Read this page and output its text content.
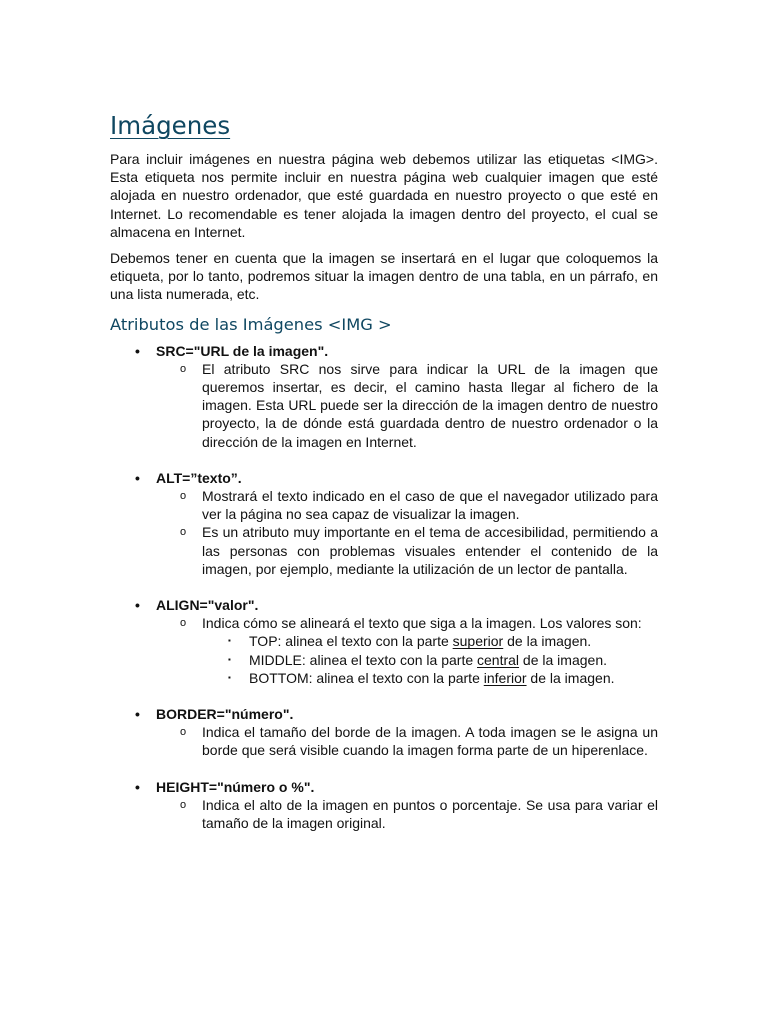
Imágenes

Para incluir imágenes en nuestra página web debemos utilizar las etiquetas <IMG>. Esta etiqueta nos permite incluir en nuestra página web cualquier imagen que esté alojada en nuestro ordenador, que esté guardada en nuestro proyecto o que esté en Internet. Lo recomendable es tener alojada la imagen dentro del proyecto, el cual se almacena en Internet.

Debemos tener en cuenta que la imagen se insertará en el lugar que coloquemos la etiqueta, por lo tanto, podremos situar la imagen dentro de una tabla, en un párrafo, en una lista numerada, etc.

Atributos de las Imágenes <IMG >
• SRC="URL de la imagen".
o El atributo SRC nos sirve para indicar la URL de la imagen que queremos insertar, es decir, el camino hasta llegar al fichero de la imagen. Esta URL puede ser la dirección de la imagen dentro de nuestro proyecto, la de dónde está guardada dentro de nuestro ordenador o la dirección de la imagen en Internet.
• ALT=”texto”.
o Mostrará el texto indicado en el caso de que el navegador utilizado para ver la página no sea capaz de visualizar la imagen.
o Es un atributo muy importante en el tema de accesibilidad, permitiendo a las personas con problemas visuales entender el contenido de la imagen, por ejemplo, mediante la utilización de un lector de pantalla.
• ALIGN="valor".
o Indica cómo se alineará el texto que siga a la imagen. Los valores son:
▪ TOP: alinea el texto con la parte superior de la imagen.
▪ MIDDLE: alinea el texto con la parte central de la imagen.
▪ BOTTOM: alinea el texto con la parte inferior de la imagen.
• BORDER="número".
o Indica el tamaño del borde de la imagen. A toda imagen se le asigna un borde que será visible cuando la imagen forma parte de un hiperenlace.
• HEIGHT="número o %".
o Indica el alto de la imagen en puntos o porcentaje. Se usa para variar el tamaño de la imagen original.
